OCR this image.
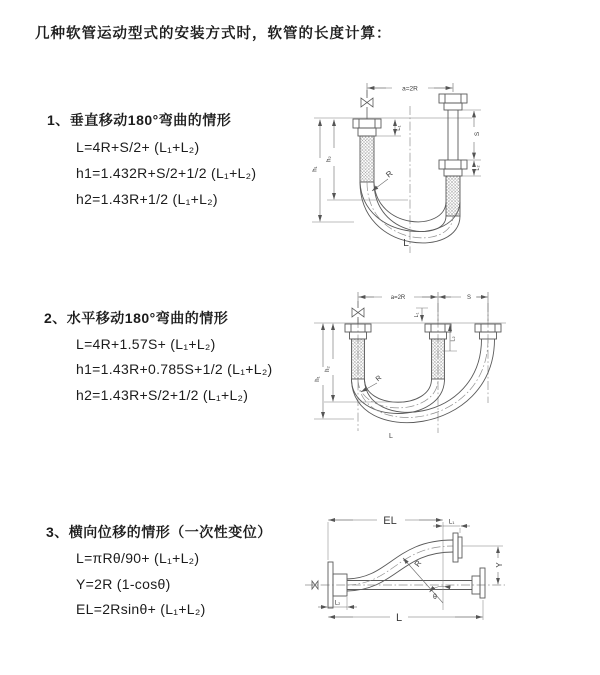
几种软管运动型式的安装方式时，软管的长度计算：
1、垂直移动180°弯曲的情形
L=4R+S/2+ (L₁+L₂)
h1=1.432R+S/2+1/2 (L₁+L₂)
h2=1.43R+1/2 (L₁+L₂)
2、水平移动180°弯曲的情形
L=4R+1.57S+ (L₁+L₂)
h1=1.43R+0.785S+1/2 (L₁+L₂)
h2=1.43R+S/2+1/2 (L₁+L₂)
3、横向位移的情形（一次性变位）
L=πRθ/90+ (L₁+L₂)
Y=2R (1-cosθ)
EL=2Rsinθ+ (L₁+L₂)
a=2R
L₁
S
L₂
h₂
h₁	R
L
a=2R	S
L₁
L₂
h₂
h₁	R
L
EL	L₁
Y
R
θ
L
L₂
